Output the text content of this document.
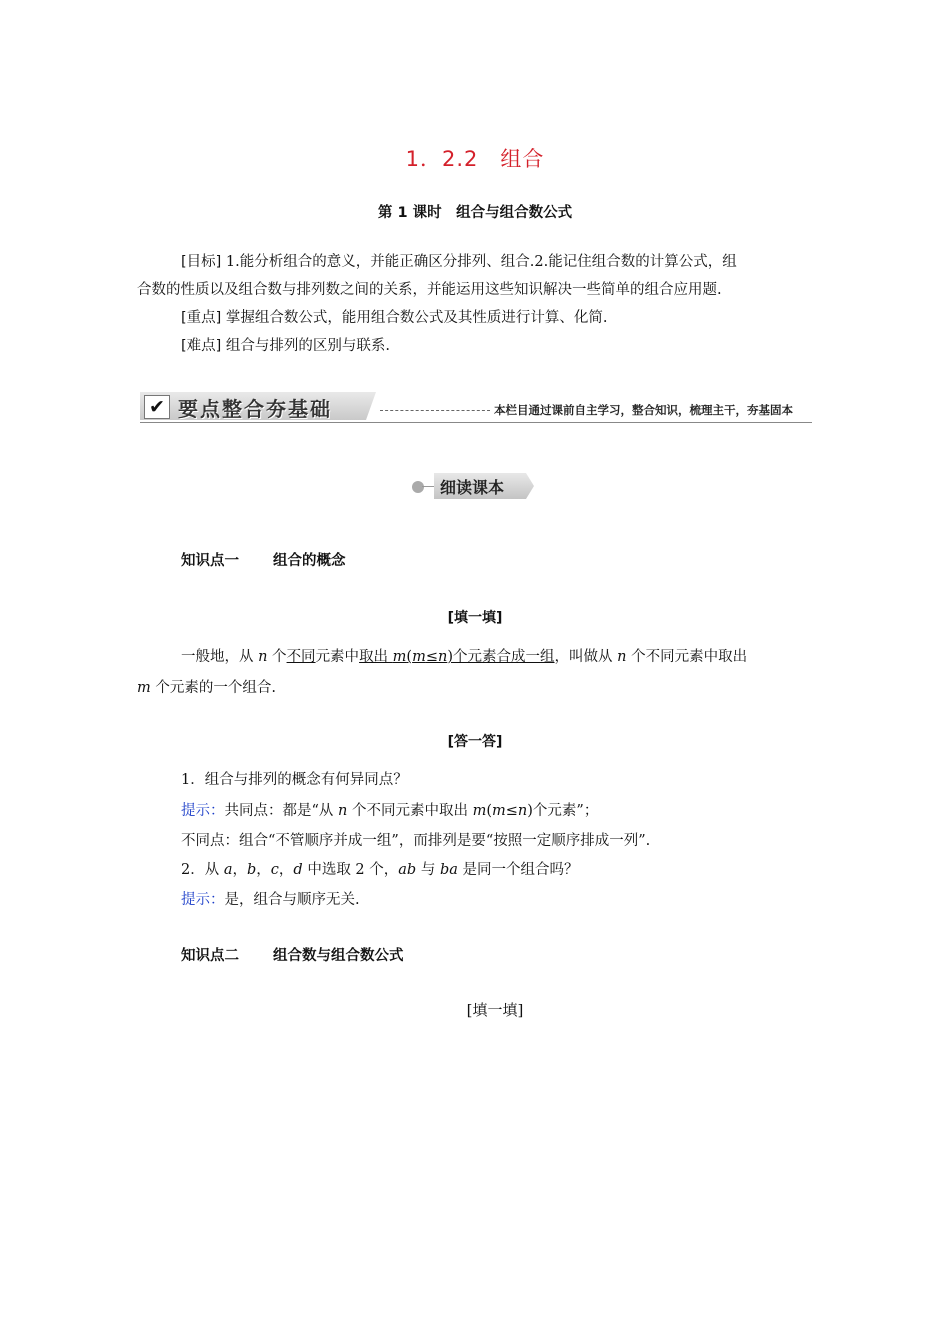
1．2.2　组合
第 1 课时　组合与组合数公式
[目标] 1.能分析组合的意义，并能正确区分排列、组合.2.能记住组合数的计算公式，组
合数的性质以及组合数与排列数之间的关系，并能运用这些知识解决一些简单的组合应用题.
[重点] 掌握组合数公式，能用组合数公式及其性质进行计算、化简.
[难点] 组合与排列的区别与联系.
✔ 要点整合夯基础	本栏目通过课前自主学习，整合知识，梳理主干，夯基固本
细读课本
知识点一 组合的概念
[填一填]
一般地，从 n 个不同元素中取出 m(m≤n)个元素合成一组，叫做从 n 个不同元素中取出
m 个元素的一个组合.
[答一答]
1．组合与排列的概念有何异同点？
提示：共同点：都是“从 n 个不同元素中取出 m(m≤n)个元素”；
不同点：组合“不管顺序并成一组”，而排列是要“按照一定顺序排成一列”.
2．从 a，b，c，d 中选取 2 个，ab 与 ba 是同一个组合吗？
提示：是，组合与顺序无关.
知识点二 组合数与组合数公式
[填一填]
